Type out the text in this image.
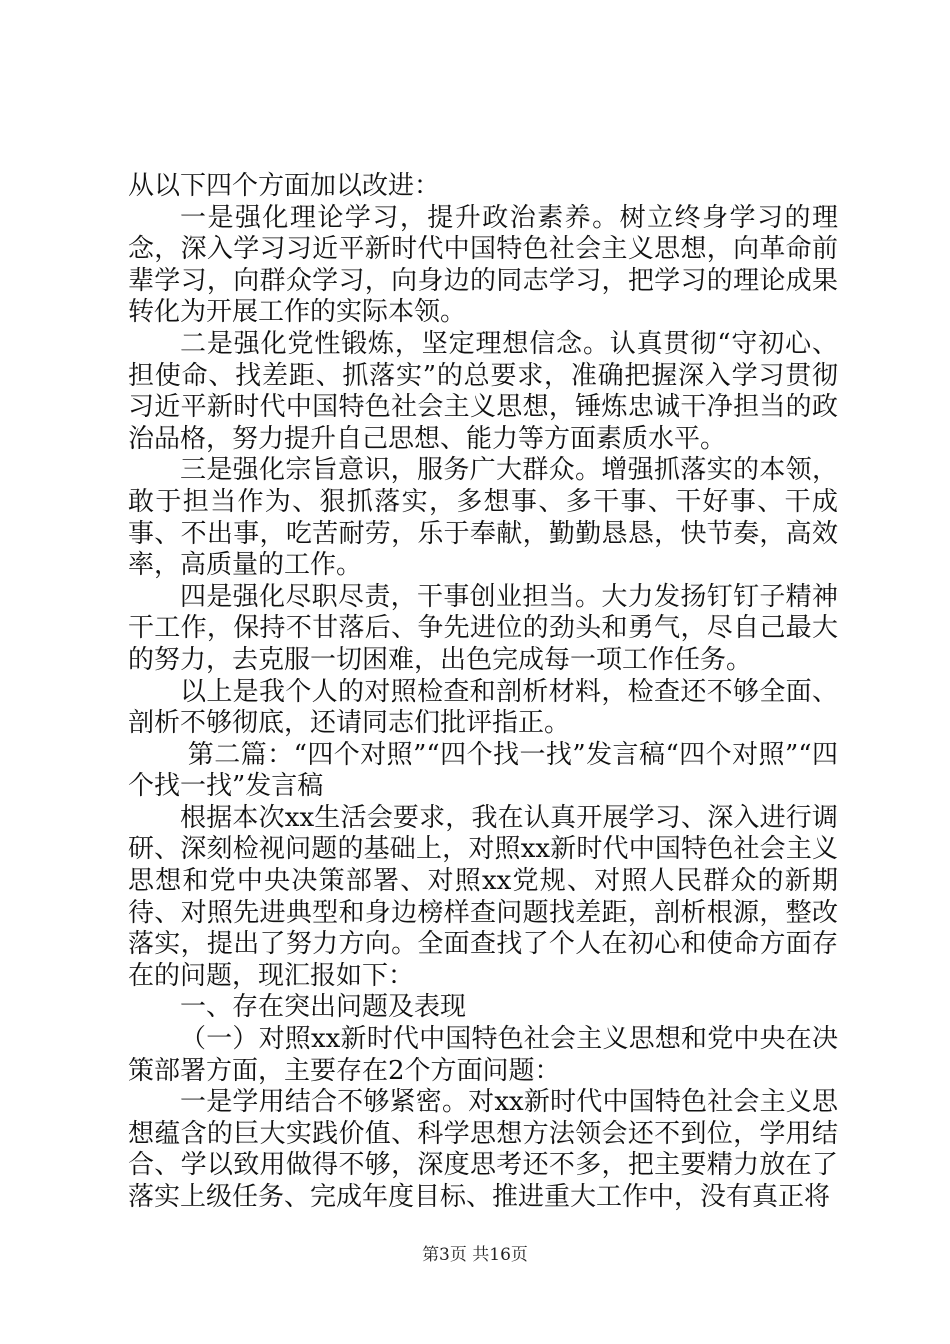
从以下四个方面加以改进：

一是强化理论学习，提升政治素养。树立终身学习的理念，深入学习习近平新时代中国特色社会主义思想，向革命前辈学习，向群众学习，向身边的同志学习，把学习的理论成果转化为开展工作的实际本领。

二是强化党性锻炼，坚定理想信念。认真贯彻“守初心、担使命、找差距、抓落实”的总要求，准确把握深入学习贯彻习近平新时代中国特色社会主义思想，锤炼忠诚干净担当的政治品格，努力提升自己思想、能力等方面素质水平。

三是强化宗旨意识，服务广大群众。增强抓落实的本领，敢于担当作为、狠抓落实，多想事、多干事、干好事、干成事、不出事，吃苦耐劳，乐于奉献，勤勤恳恳，快节奏，高效率，高质量的工作。

四是强化尽职尽责，干事创业担当。大力发扬钉钉子精神干工作，保持不甘落后、争先进位的劲头和勇气，尽自己最大的努力，去克服一切困难，出色完成每一项工作任务。

以上是我个人的对照检查和剖析材料，检查还不够全面、剖析不够彻底，还请同志们批评指正。

第二篇：“四个对照”“四个找一找”发言稿“四个对照”“四个找一找”发言稿

根据本次xx生活会要求，我在认真开展学习、深入进行调研、深刻检视问题的基础上，对照xx新时代中国特色社会主义思想和党中央决策部署、对照xx党规、对照人民群众的新期待、对照先进典型和身边榜样查问题找差距，剖析根源，整改落实，提出了努力方向。全面查找了个人在初心和使命方面存在的问题，现汇报如下：

一、存在突出问题及表现

（一）对照xx新时代中国特色社会主义思想和党中央在决策部署方面，主要存在2个方面问题：

一是学用结合不够紧密。对xx新时代中国特色社会主义思想蕴含的巨大实践价值、科学思想方法领会还不到位，学用结合、学以致用做得不够，深度思考还不多，把主要精力放在了落实上级任务、完成年度目标、推进重大工作中，没有真正将

第3页 共16页
